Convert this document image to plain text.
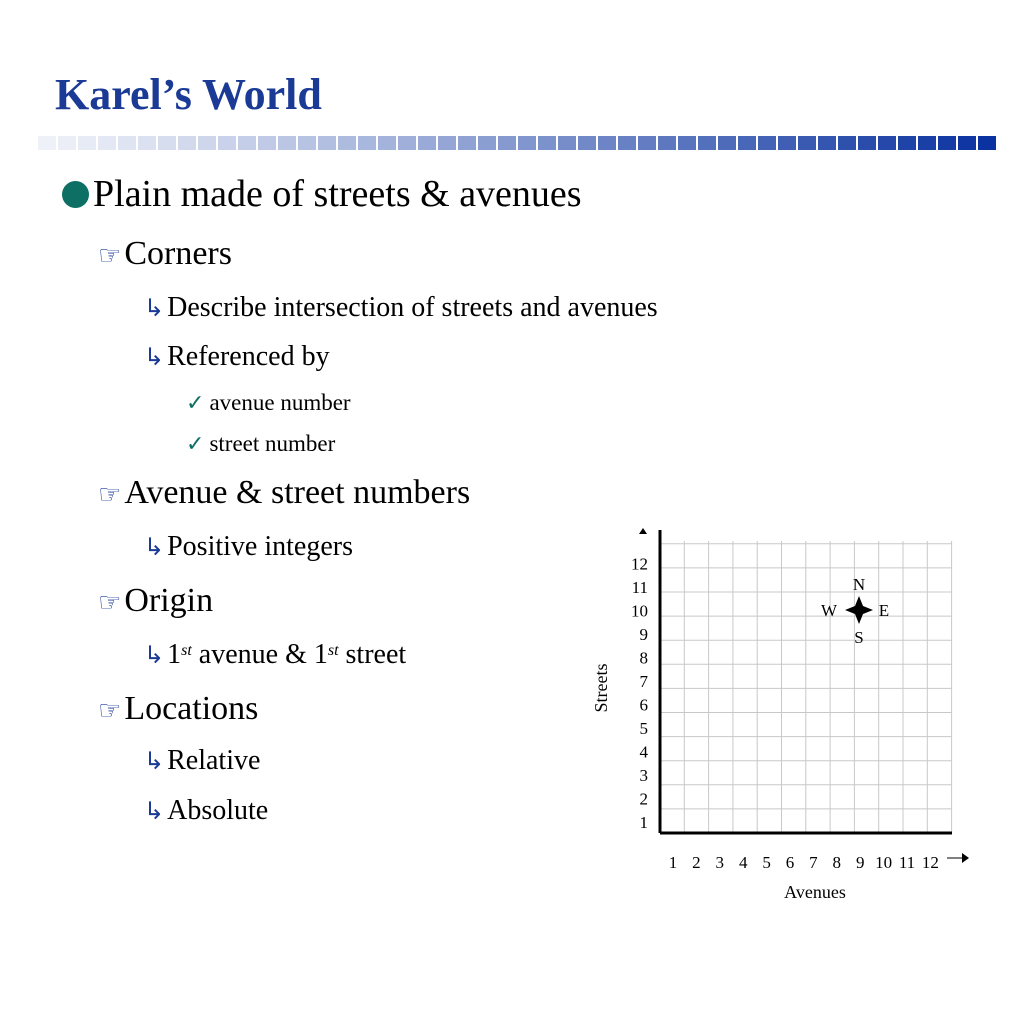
Karel’s World
Plain made of streets & avenues
☞ Corners
↳ Describe intersection of streets and avenues
↳ Referenced by
✓ avenue number
✓ street number
☞ Avenue & street numbers
↳ Positive integers
☞ Origin
↳ 1st avenue & 1st street
☞ Locations
↳ Relative
↳ Absolute	1
2
3
4
5
6
7
8
9
10
11
12
1 2 3 4 5 6 7 8 9 10 11 12
Streets
Avenues
N
S
W E
